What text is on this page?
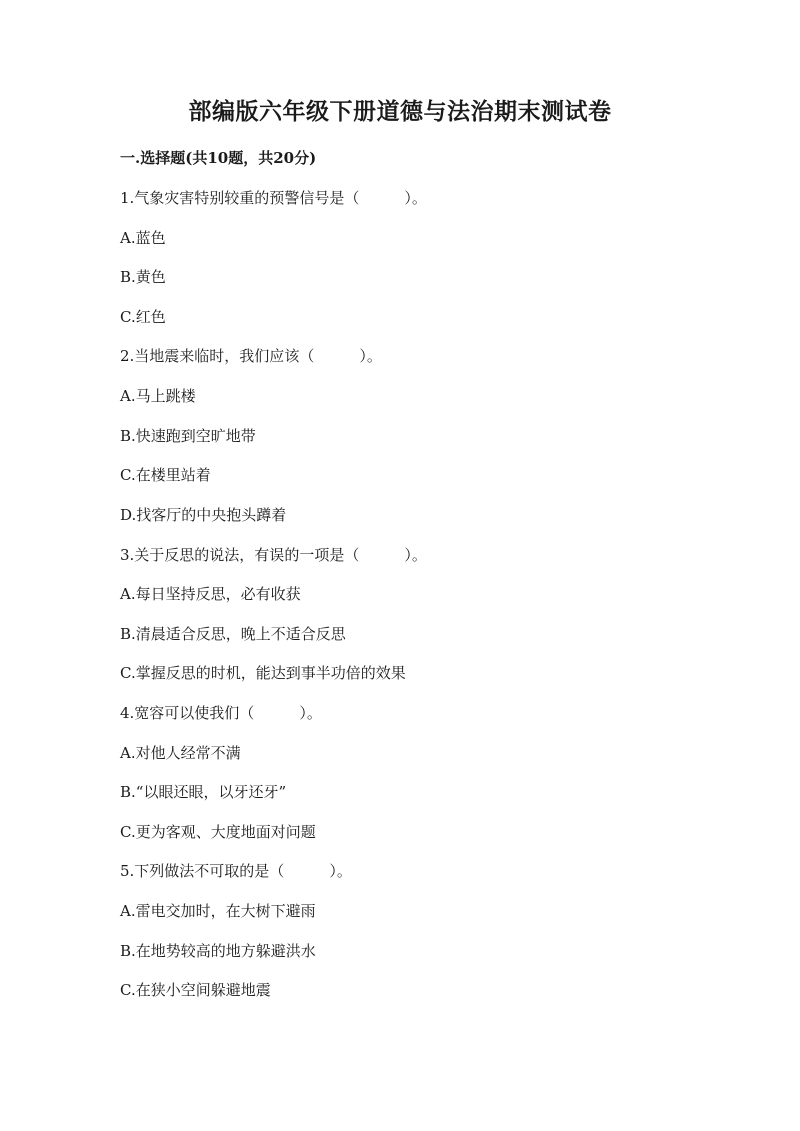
部编版六年级下册道德与法治期末测试卷
一.选择题(共10题，共20分)
1.气象灾害特别较重的预警信号是（　　　）。
A.蓝色
B.黄色
C.红色
2.当地震来临时，我们应该（　　　）。
A.马上跳楼
B.快速跑到空旷地带
C.在楼里站着
D.找客厅的中央抱头蹲着
3.关于反思的说法，有误的一项是（　　　）。
A.每日坚持反思，必有收获
B.清晨适合反思，晚上不适合反思
C.掌握反思的时机，能达到事半功倍的效果
4.宽容可以使我们（　　　）。
A.对他人经常不满
B.“以眼还眼，以牙还牙”
C.更为客观、大度地面对问题
5.下列做法不可取的是（　　　）。
A.雷电交加时，在大树下避雨
B.在地势较高的地方躲避洪水
C.在狭小空间躲避地震
